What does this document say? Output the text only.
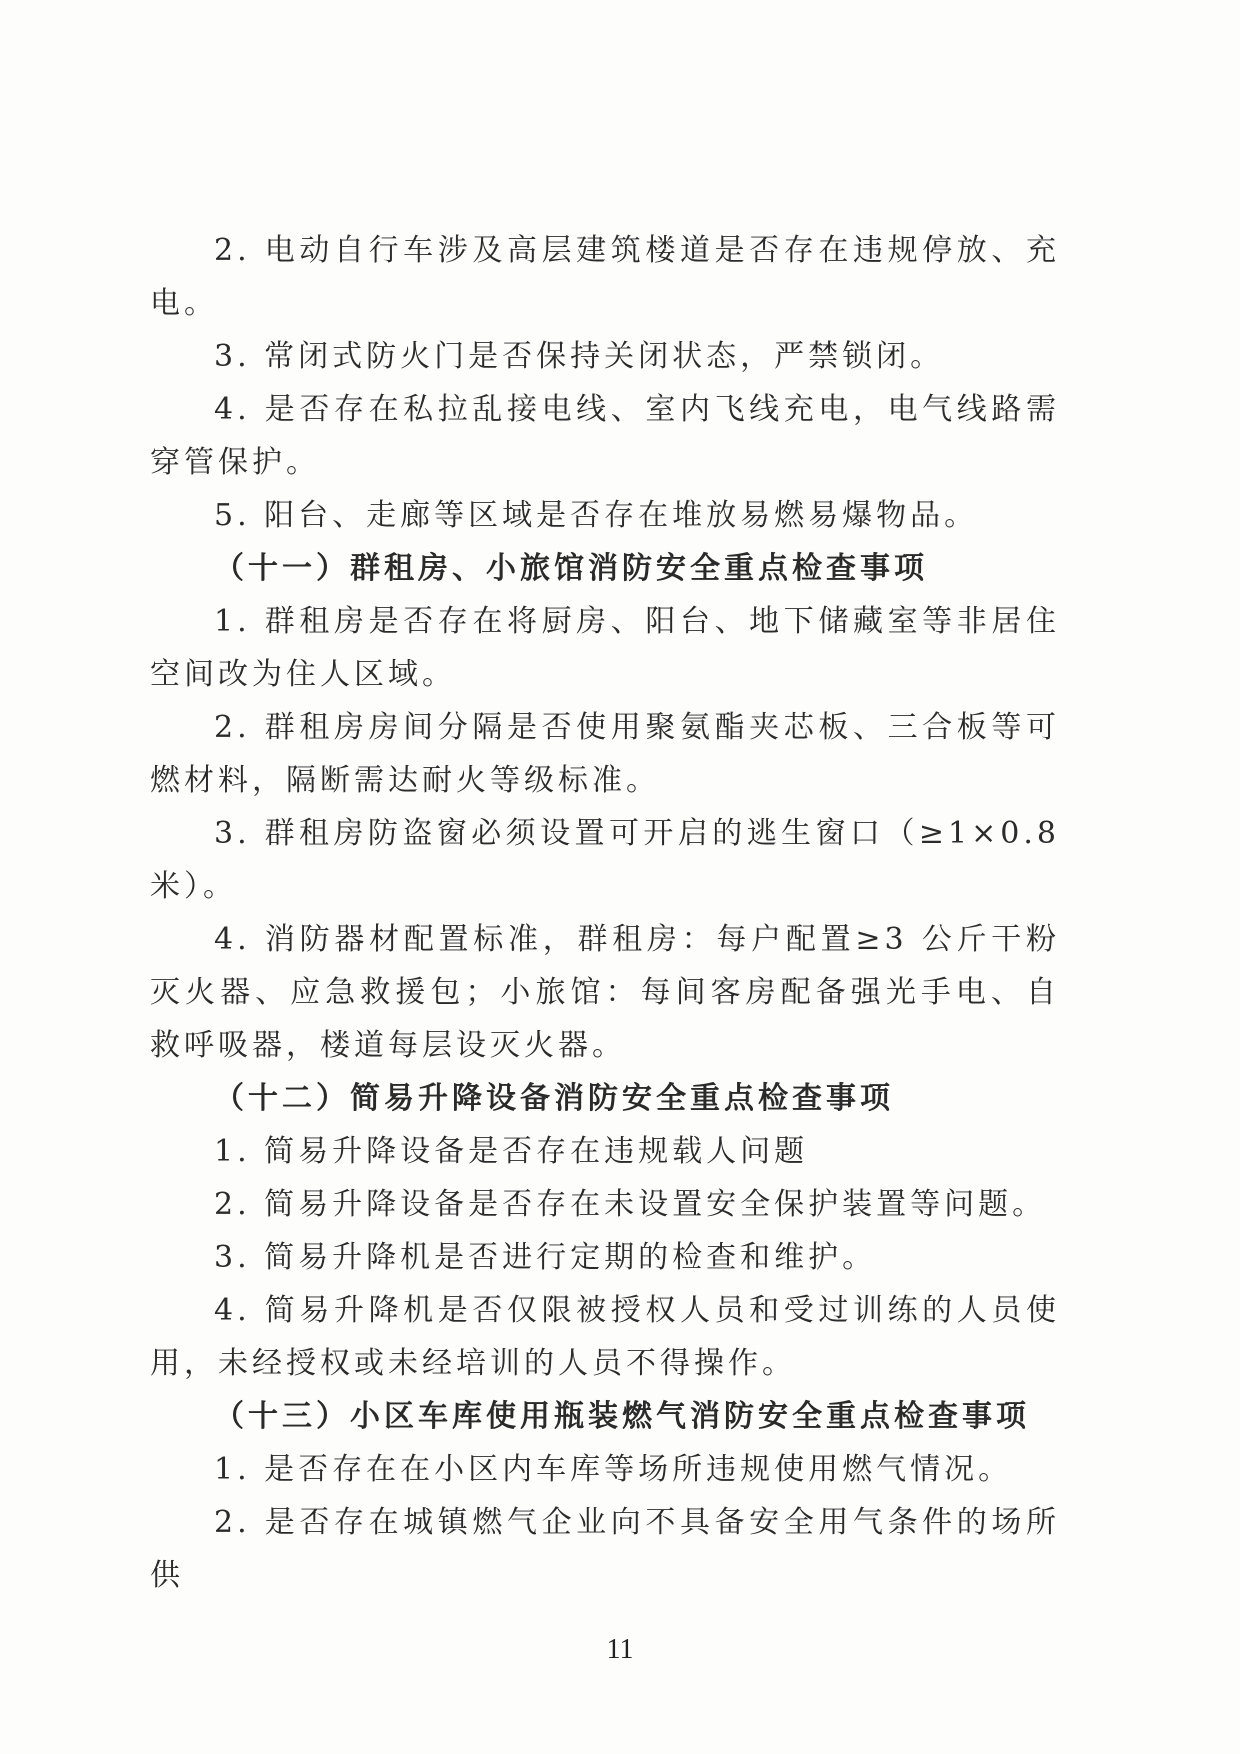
2. 电动自行车涉及高层建筑楼道是否存在违规停放、充电。

3. 常闭式防火门是否保持关闭状态，严禁锁闭。

4. 是否存在私拉乱接电线、室内飞线充电，电气线路需穿管保护。

5. 阳台、走廊等区域是否存在堆放易燃易爆物品。

（十一）群租房、小旅馆消防安全重点检查事项

1. 群租房是否存在将厨房、阳台、地下储藏室等非居住空间改为住人区域。

2. 群租房房间分隔是否使用聚氨酯夹芯板、三合板等可燃材料，隔断需达耐火等级标准。

3. 群租房防盗窗必须设置可开启的逃生窗口（≥1×0.8 米）。

4. 消防器材配置标准，群租房：每户配置≥3 公斤干粉灭火器、应急救援包；小旅馆：每间客房配备强光手电、自救呼吸器，楼道每层设灭火器。

（十二）简易升降设备消防安全重点检查事项

1. 简易升降设备是否存在违规载人问题

2. 简易升降设备是否存在未设置安全保护装置等问题。

3. 简易升降机是否进行定期的检查和维护。

4. 简易升降机是否仅限被授权人员和受过训练的人员使用，未经授权或未经培训的人员不得操作。

（十三）小区车库使用瓶装燃气消防安全重点检查事项

1. 是否存在在小区内车库等场所违规使用燃气情况。

2. 是否存在城镇燃气企业向不具备安全用气条件的场所供

11
